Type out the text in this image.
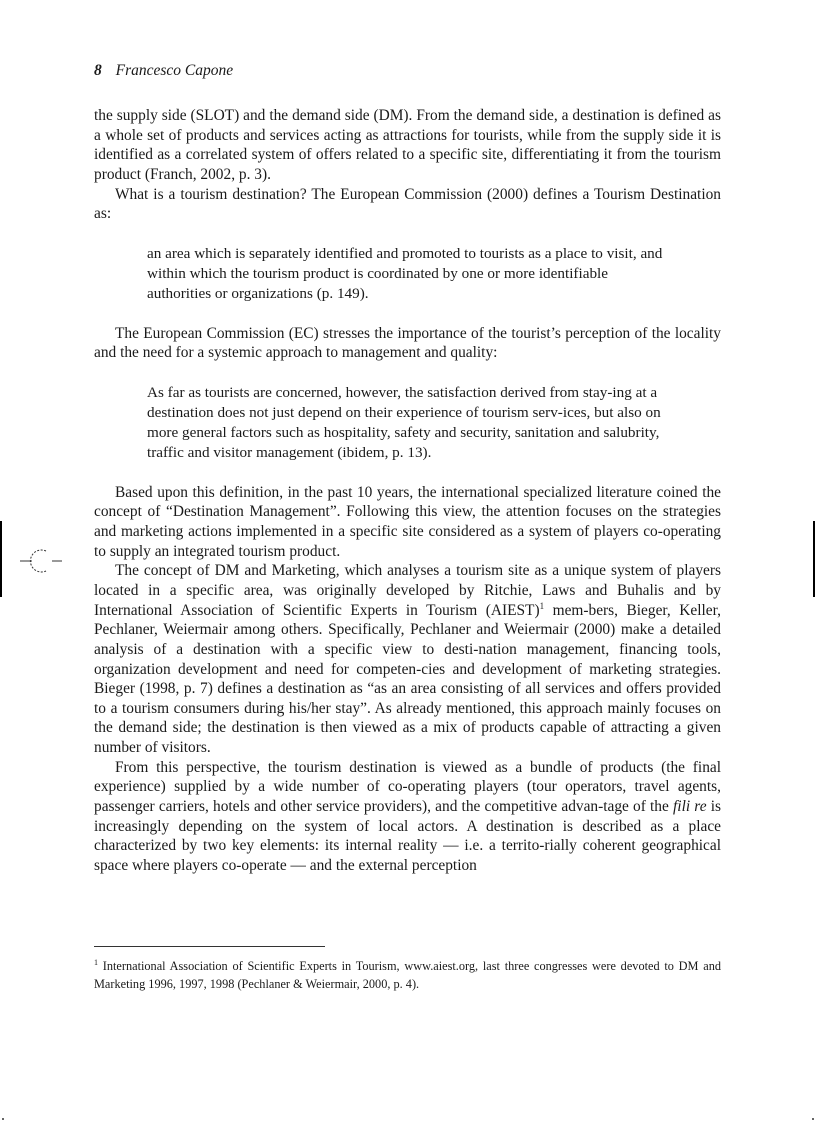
8 Francesco Capone

the supply side (SLOT) and the demand side (DM). From the demand side, a destination is defined as a whole set of products and services acting as attractions for tourists, while from the supply side it is identified as a correlated system of offers related to a specific site, differentiating it from the tourism product (Franch, 2002, p. 3).

What is a tourism destination? The European Commission (2000) defines a Tourism Destination as:

an area which is separately identified and promoted to tourists as a place to visit, and within which the tourism product is coordinated by one or more identifiable authorities or organizations (p. 149).

The European Commission (EC) stresses the importance of the tourist’s perception of the locality and the need for a systemic approach to management and quality:

As far as tourists are concerned, however, the satisfaction derived from stay-ing at a destination does not just depend on their experience of tourism serv-ices, but also on more general factors such as hospitality, safety and security, sanitation and salubrity, traffic and visitor management (ibidem, p. 13).

Based upon this definition, in the past 10 years, the international specialized literature coined the concept of “Destination Management”. Following this view, the attention focuses on the strategies and marketing actions implemented in a specific site considered as a system of players co-operating to supply an integrated tourism product.

The concept of DM and Marketing, which analyses a tourism site as a unique system of players located in a specific area, was originally developed by Ritchie, Laws and Buhalis and by International Association of Scientific Experts in Tourism (AIEST)$^1$ mem-bers, Bieger, Keller, Pechlaner, Weiermair among others. Specifically, Pechlaner and Weiermair (2000) make a detailed analysis of a destination with a specific view to desti-nation management, financing tools, organization development and need for competen-cies and development of marketing strategies. Bieger (1998, p. 7) defines a destination as “as an area consisting of all services and offers provided to a tourism consumers during his/her stay”. As already mentioned, this approach mainly focuses on the demand side; the destination is then viewed as a mix of products capable of attracting a given number of visitors.

From this perspective, the tourism destination is viewed as a bundle of products (the final experience) supplied by a wide number of co-operating players (tour operators, travel agents, passenger carriers, hotels and other service providers), and the competitive advan-tage of the fili re is increasingly depending on the system of local actors. A destination is described as a place characterized by two key elements: its internal reality — i.e. a territo-rially coherent geographical space where players co-operate — and the external perception

$^1$ International Association of Scientific Experts in Tourism, www.aiest.org, last three congresses were devoted to DM and Marketing 1996, 1997, 1998 (Pechlaner & Weiermair, 2000, p. 4).
